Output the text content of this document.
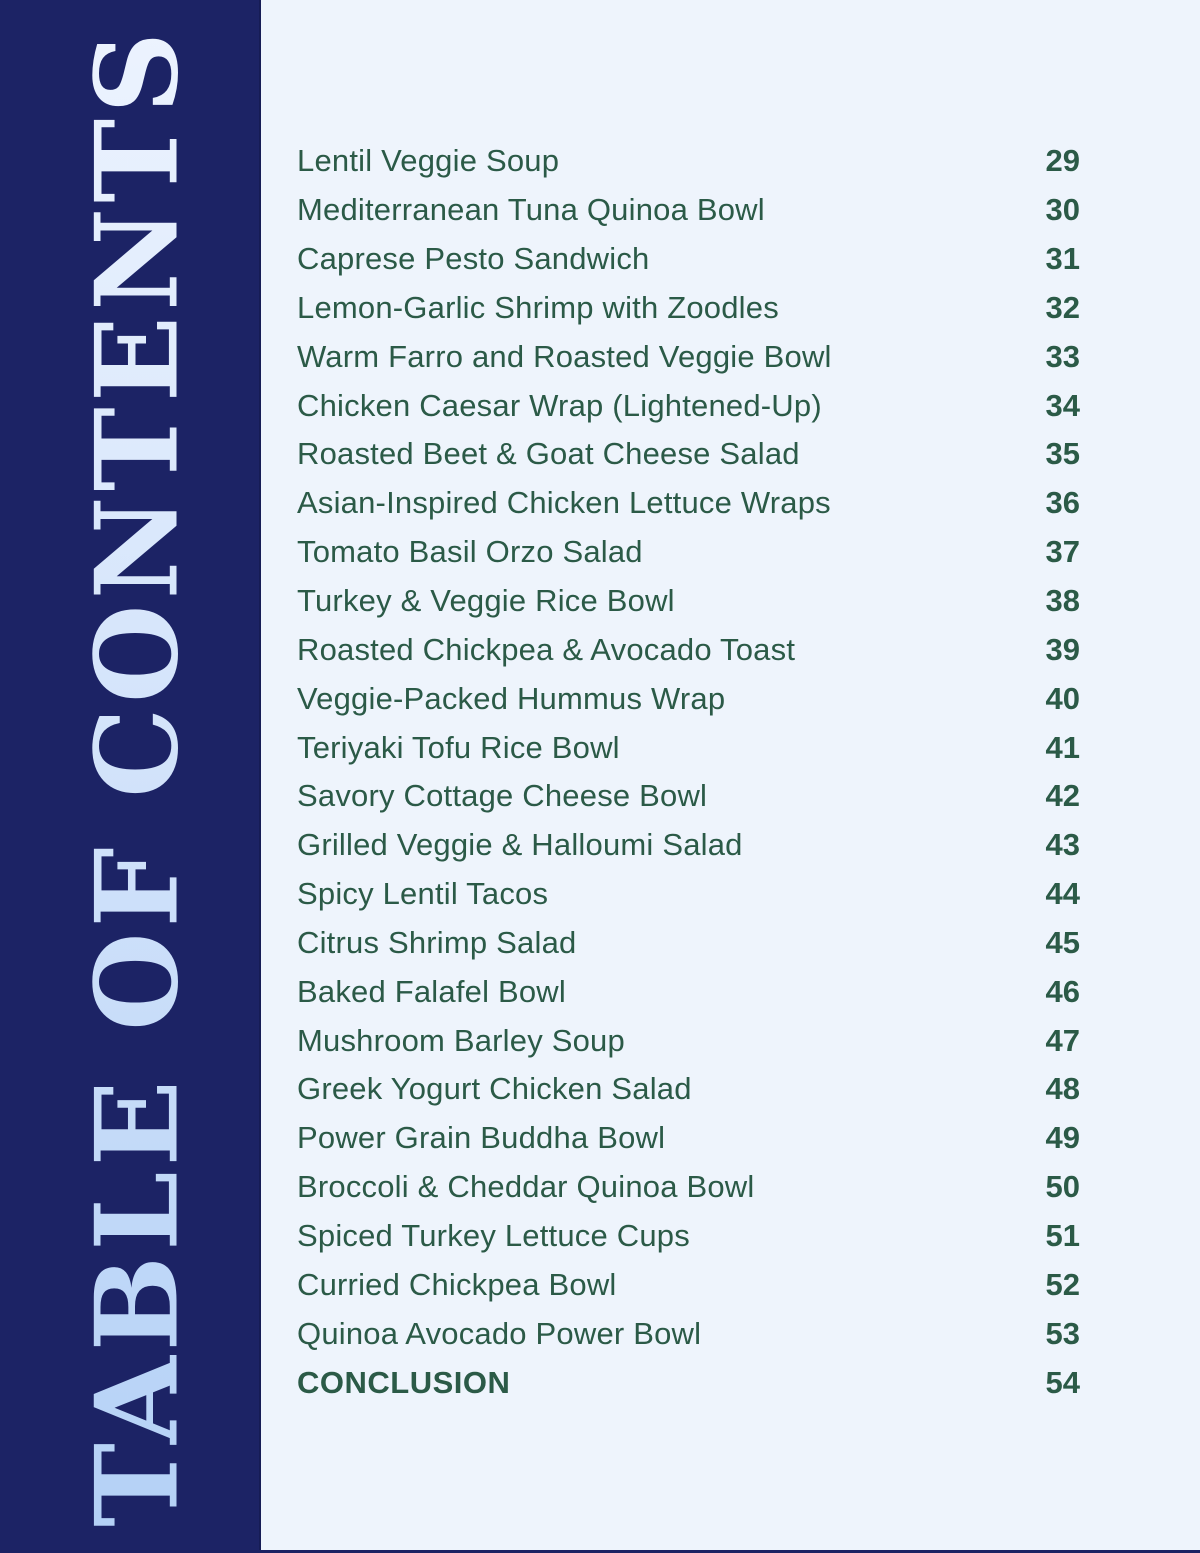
TABLE OF CONTENTS	Lentil Veggie Soup	29
Mediterranean Tuna Quinoa Bowl	30
Caprese Pesto Sandwich	31
Lemon-Garlic Shrimp with Zoodles	32
Warm Farro and Roasted Veggie Bowl	33
Chicken Caesar Wrap (Lightened-Up)	34
Roasted Beet & Goat Cheese Salad	35
Asian-Inspired Chicken Lettuce Wraps	36
Tomato Basil Orzo Salad	37
Turkey & Veggie Rice Bowl	38
Roasted Chickpea & Avocado Toast	39
Veggie-Packed Hummus Wrap	40
Teriyaki Tofu Rice Bowl	41
Savory Cottage Cheese Bowl	42
Grilled Veggie & Halloumi Salad	43
Spicy Lentil Tacos	44
Citrus Shrimp Salad	45
Baked Falafel Bowl	46
Mushroom Barley Soup	47
Greek Yogurt Chicken Salad	48
Power Grain Buddha Bowl	49
Broccoli & Cheddar Quinoa Bowl	50
Spiced Turkey Lettuce Cups	51
Curried Chickpea Bowl	52
Quinoa Avocado Power Bowl	53
CONCLUSION	54
